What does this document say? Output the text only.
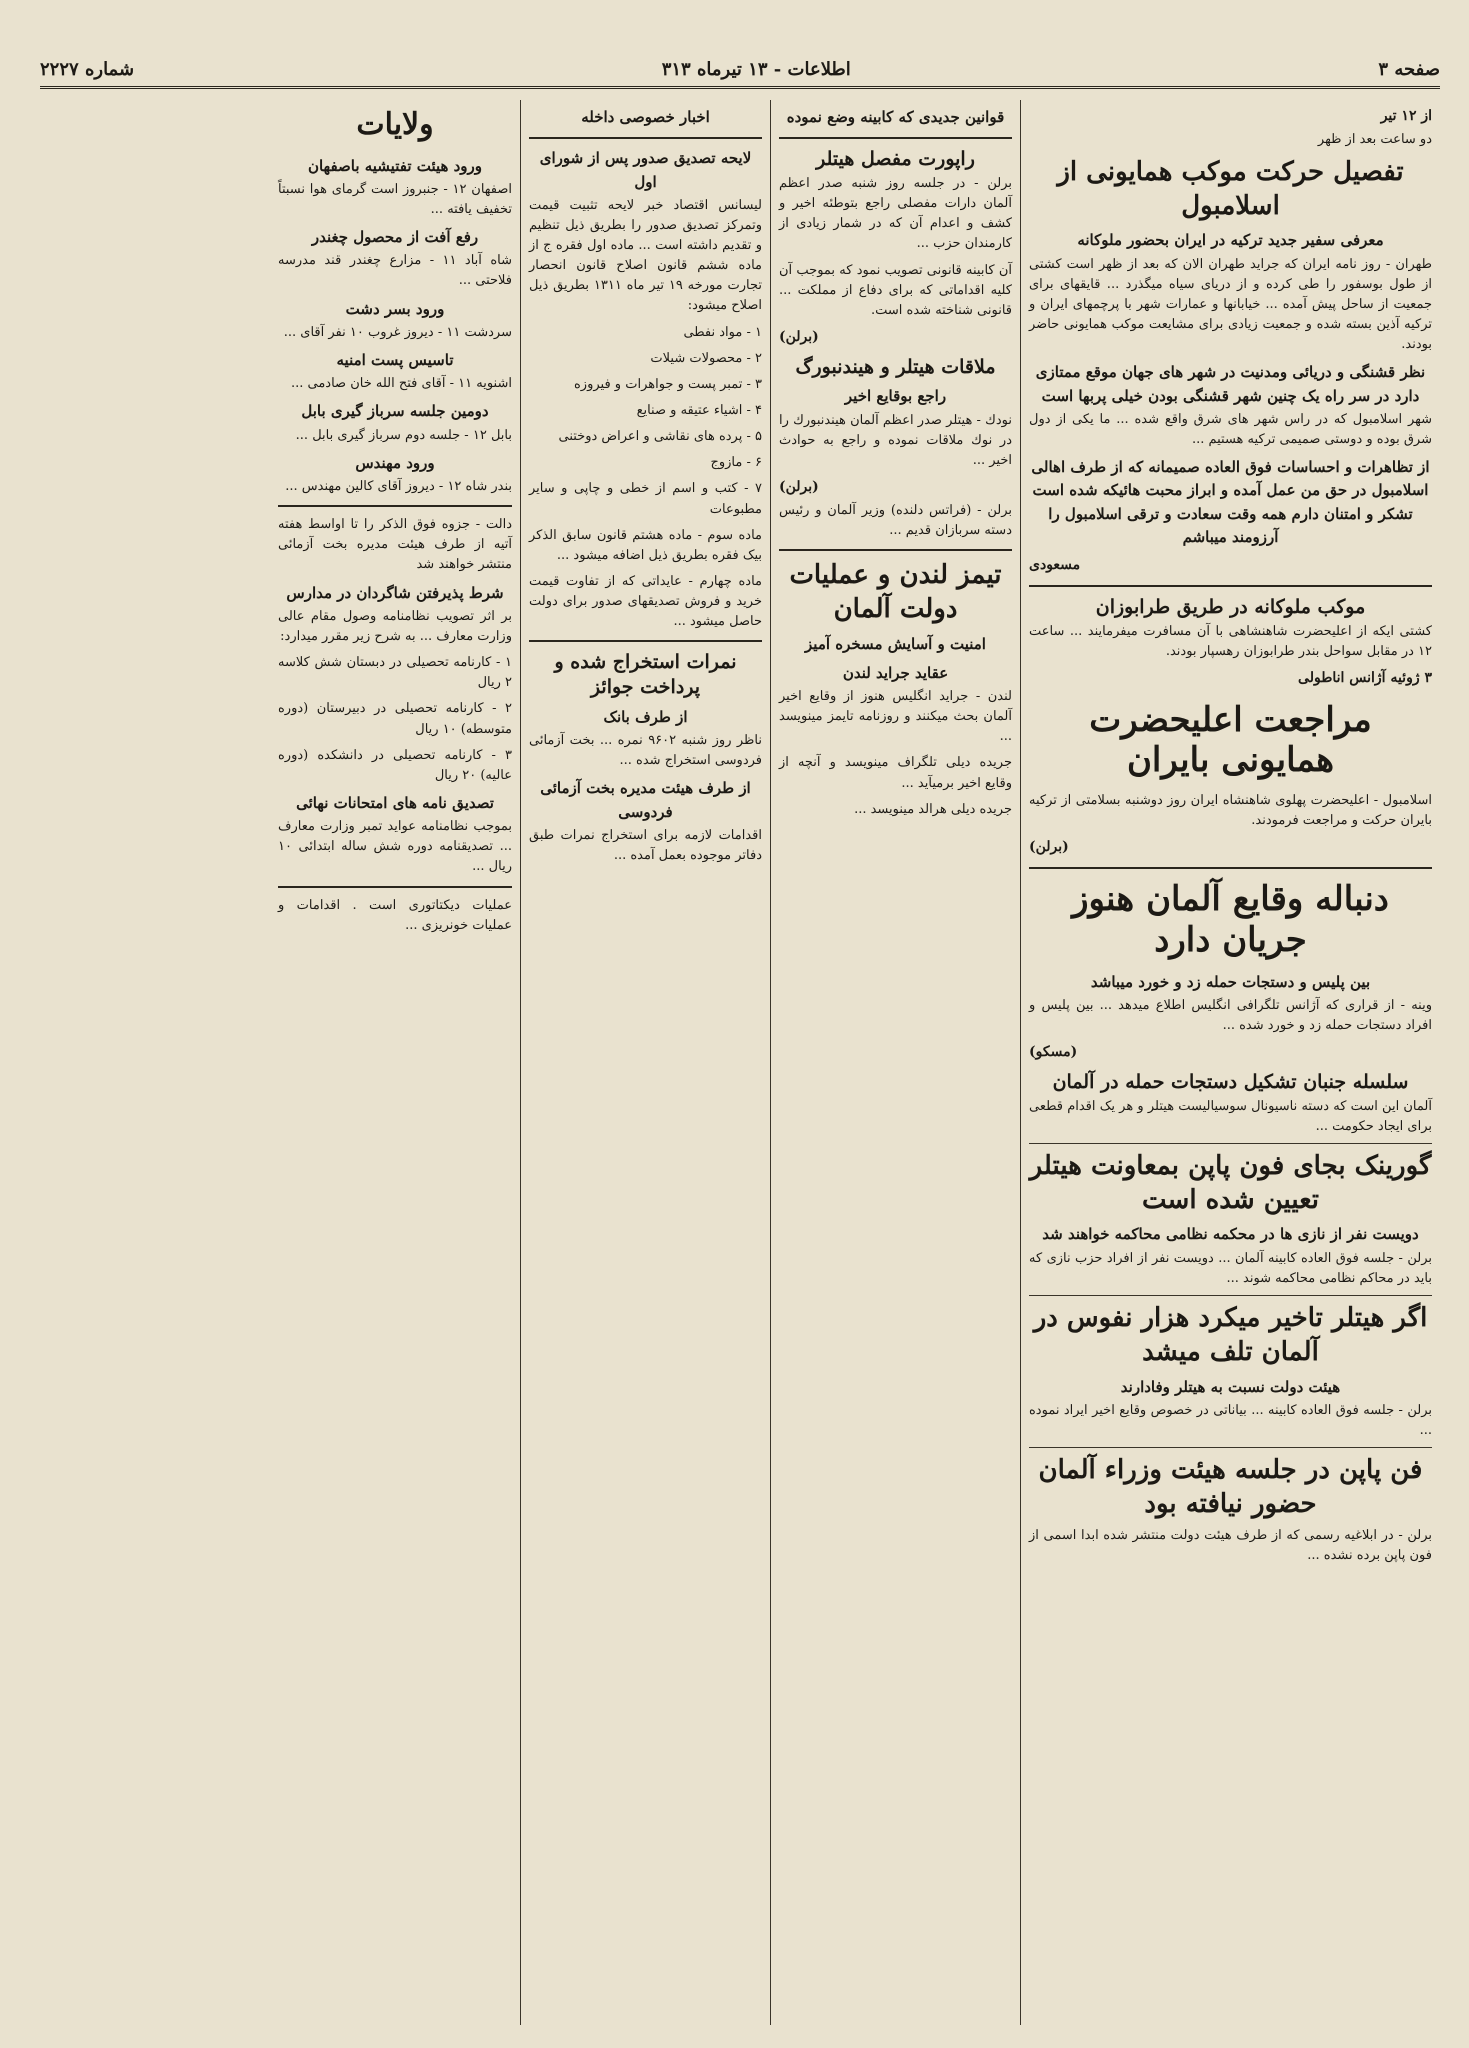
صفحه ۳
اطلاعات - ۱۳ تیرماه ۳۱۳
شماره ۲۲۲۷
از ۱۲ تیر
دو ساعت بعد از ظهر
تفصیل حرکت موکب همایونی از اسلامبول
معرفی سفیر جدید ترکیه در ایران بحضور ملوکانه
طهران - روز نامه ایران که جراید طهران الان که بعد از ظهر است کشتی از طول بوسفور را طی کرده و از دریای سیاه میگذرد ... قایقهای برای جمعیت از ساحل پیش آمده ... خیابانها و عمارات شهر با پرچمهای ایران و ترکیه آذین بسته شده و جمعیت زیادی برای مشایعت موکب همایونی حاضر بودند.
نظر قشنگی و دریائی ومدنیت در شهر های جهان موقع ممتازی دارد در سر راه یک چنین شهر قشنگی بودن خیلی پربها است
شهر اسلامبول که در راس شهر های شرق واقع شده ... ما یکی از دول شرق بوده و دوستی صمیمی ترکیه هستیم ...
از تظاهرات و احساسات فوق العاده صمیمانه که از طرف اهالی اسلامبول در حق من عمل آمده و ابراز محبت هائیکه شده است تشکر و امتنان دارم همه وقت سعادت و ترقی اسلامبول را آرزومند میباشم
مسعودی
موکب ملوکانه در طریق طرابوزان
کشتی ایکه از اعلیحضرت شاهنشاهی با آن مسافرت میفرمایند ... ساعت ۱۲ در مقابل سواحل بندر طرابوزان رهسپار بودند.
۳ ژوئیه آژانس اناطولی
مراجعت اعلیحضرت همایونی بایران
اسلامبول - اعلیحضرت پهلوی شاهنشاه ایران روز دوشنبه بسلامتی از ترکیه بایران حرکت و مراجعت فرمودند.
(برلن)
دنباله وقایع آلمان هنوز جریان دارد
بین پلیس و دستجات حمله زد و خورد میباشد
وینه - از قراری که آژانس تلگرافی انگلیس اطلاع میدهد ... بین پلیس و افراد دستجات حمله زد و خورد شده ...
(مسکو)
سلسله جنبان تشکیل دستجات حمله در آلمان
آلمان این است که دسته ناسیونال سوسیالیست هیتلر و هر یک اقدام قطعی برای ایجاد حکومت ...
گورینک بجای فون پاپن بمعاونت هیتلر تعیین شده است
دویست نفر از نازی ها در محکمه نظامی محاکمه خواهند شد
برلن - جلسه فوق العاده کابینه آلمان ... دویست نفر از افراد حزب نازی که باید در محاکم نظامی محاکمه شوند ...
اگر هیتلر تاخیر میکرد هزار نفوس در آلمان تلف میشد
هیئت دولت نسبت به هیتلر وفادارند
برلن - جلسه فوق العاده کابینه ... بیاناتی در خصوص وقایع اخیر ایراد نموده ...
فن پاپن در جلسه هیئت وزراء آلمان حضور نیافته بود
برلن - در ابلاغیه رسمی که از طرف هیئت دولت منتشر شده ابدا اسمی از فون پاپن برده نشده ...
قوانین جدیدی که کابینه وضع نموده
راپورت مفصل هیتلر
برلن - در جلسه روز شنبه صدر اعظم آلمان دارات مفصلی راجع بتوطئه اخیر و کشف و اعدام آن که در شمار زیادی از کارمندان حزب ...
آن کابینه قانونی تصویب نمود که بموجب آن کلیه اقداماتی که برای دفاع از مملکت ... قانونی شناخته شده است.
(برلن)
ملاقات هیتلر و هیندنبورگ
راجع بوقایع اخیر
نودك - هیتلر صدر اعظم آلمان هیندنبورك را در نوك ملاقات نموده و راجع به حوادث اخیر ...
(برلن)
برلن - (فراتس دلنده) وزیر آلمان و رئیس دسته سربازان قدیم ...
تیمز لندن و عملیات دولت آلمان
امنیت و آسایش مسخره آمیز
عقاید جراید لندن
لندن - جراید انگلیس هنوز از وقایع اخیر آلمان بحث میکنند و روزنامه تایمز مینویسد ...
جریده دیلی تلگراف مینویسد و آنچه از وقایع اخیر برمیآید ...
جریده دیلی هرالد مینویسد ...
اخبار خصوصی داخله
لایحه تصدیق صدور پس از شورای اول
لیسانس اقتصاد خبر لایحه تثبیت قیمت وتمرکز تصدیق صدور را بطریق ذیل تنظیم و تقدیم داشته است ... ماده اول فقره ج از ماده ششم قانون اصلاح قانون انحصار تجارت مورخه ۱۹ تیر ماه ۱۳۱۱ بطریق ذیل اصلاح میشود:
۱ - مواد نفطی
۲ - محصولات شیلات
۳ - تمبر پست و جواهرات و فیروزه
۴ - اشیاء عتیقه و صنایع
۵ - پرده های نقاشی و اعراض دوختنی
۶ - مازوج
۷ - کتب و اسم از خطی و چاپی و سایر مطبوعات
ماده سوم - ماده هشتم قانون سابق الذکر بیک فقره بطریق ذیل اضافه میشود ...
ماده چهارم - عایداتی که از تفاوت قیمت خرید و فروش تصدیقهای صدور برای دولت حاصل میشود ...
نمرات استخراج شده و پرداخت جوائز
از طرف بانک
ناظر روز شنبه ۹۶۰۲ نمره ... بخت آزمائی فردوسی استخراج شده ...
از طرف هیئت مدیره بخت آزمائی فردوسی
اقدامات لازمه برای استخراج نمرات طبق دفاتر موجوده بعمل آمده ...
ولایات
ورود هیئت تفتیشیه باصفهان
اصفهان ۱۲ - جنبروز است گرمای هوا نسبتاً تخفیف یافته ...
رفع آفت از محصول چغندر
شاه آباد ۱۱ - مزارع چغندر قند مدرسه فلاحتی ...
ورود بسر دشت
سردشت ۱۱ - دیروز غروب ۱۰ نفر آقای ...
تاسیس پست امنیه
اشنویه ۱۱ - آقای فتح الله خان صادمی ...
دومین جلسه سرباز گیری بابل
بابل ۱۲ - جلسه دوم سرباز گیری بابل ...
ورود مهندس
بندر شاه ۱۲ - دیروز آقای کالین مهندس ...
دالت - جزوه فوق الذکر را تا اواسط هفته آتیه از طرف هیئت مدیره بخت آزمائی منتشر خواهند شد
شرط پذیرفتن شاگردان در مدارس
بر اثر تصویب نظامنامه وصول مقام عالی وزارت معارف ... به شرح زیر مقرر میدارد:
۱ - کارنامه تحصیلی در دبستان شش کلاسه ۲ ریال
۲ - کارنامه تحصیلی در دبیرستان (دوره متوسطه) ۱۰ ریال
۳ - کارنامه تحصیلی در دانشکده (دوره عالیه) ۲۰ ریال
تصدیق نامه های امتحانات نهائی
بموجب نظامنامه عواید تمبر وزارت معارف ... تصدیقنامه دوره شش ساله ابتدائی ۱۰ ریال ...
عملیات دیکتاتوری است . اقدامات و عملیات خونریزی ...
